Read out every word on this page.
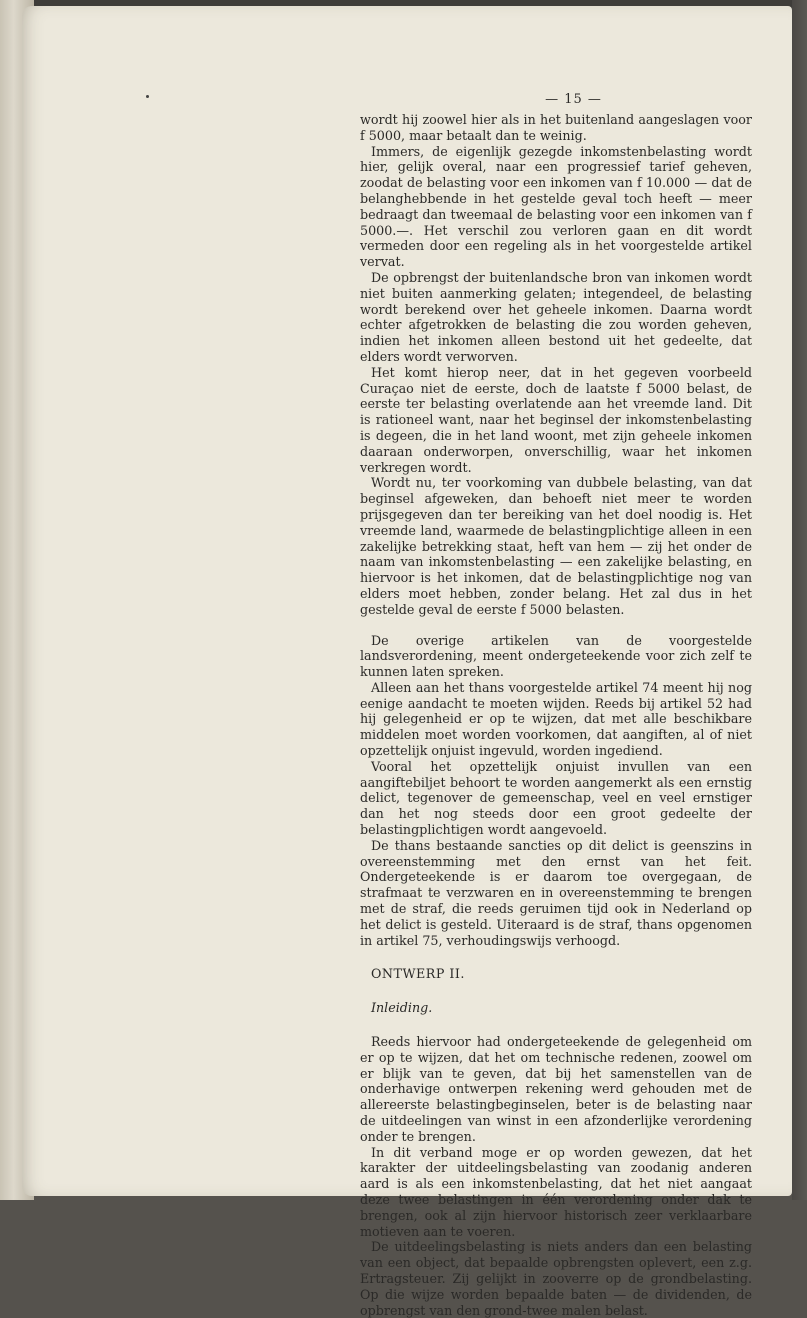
— 15 —

wordt hij zoowel hier als in het buitenland aangeslagen voor f 5000, maar betaalt dan te weinig.

Immers, de eigenlijk gezegde inkomstenbelasting wordt hier, gelijk overal, naar een progressief tarief geheven, zoodat de belasting voor een inkomen van f 10.000 — dat de belanghebbende in het gestelde geval toch heeft — meer bedraagt dan tweemaal de belasting voor een inkomen van f 5000.—. Het verschil zou verloren gaan en dit wordt vermeden door een regeling als in het voorgestelde artikel vervat.

De opbrengst der buitenlandsche bron van inkomen wordt niet buiten aanmerking gelaten; integendeel, de belasting wordt berekend over het geheele inkomen. Daarna wordt echter afgetrokken de belasting die zou worden geheven, indien het inkomen alleen bestond uit het gedeelte, dat elders wordt verworven.

Het komt hierop neer, dat in het gegeven voorbeeld Curaçao niet de eerste, doch de laatste f 5000 belast, de eerste ter belasting overlatende aan het vreemde land. Dit is rationeel want, naar het beginsel der inkomstenbelasting is degeen, die in het land woont, met zijn geheele inkomen daaraan onderworpen, onverschillig, waar het inkomen verkregen wordt.

Wordt nu, ter voorkoming van dubbele belasting, van dat beginsel afgeweken, dan behoeft niet meer te worden prijsgegeven dan ter bereiking van het doel noodig is. Het vreemde land, waarmede de belastingplichtige alleen in een zakelijke betrekking staat, heft van hem — zij het onder de naam van inkomstenbelasting — een zakelijke belasting, en hiervoor is het inkomen, dat de belastingplichtige nog van elders moet hebben, zonder belang. Het zal dus in het gestelde geval de eerste f 5000 belasten.

De overige artikelen van de voorgestelde landsverordening, meent ondergeteekende voor zich zelf te kunnen laten spreken.

Alleen aan het thans voorgestelde artikel 74 meent hij nog eenige aandacht te moeten wijden. Reeds bij artikel 52 had hij gelegenheid er op te wijzen, dat met alle beschikbare middelen moet worden voorkomen, dat aangiften, al of niet opzettelijk onjuist ingevuld, worden ingediend.

Vooral het opzettelijk onjuist invullen van een aangiftebiljet behoort te worden aangemerkt als een ernstig delict, tegenover de gemeenschap, veel en veel ernstiger dan het nog steeds door een groot gedeelte der belastingplichtigen wordt aangevoeld.

De thans bestaande sancties op dit delict is geenszins in overeenstemming met den ernst van het feit. Ondergeteekende is er daarom toe overgegaan, de strafmaat te verzwaren en in overeenstemming te brengen met de straf, die reeds geruimen tijd ook in Nederland op het delict is gesteld. Uiteraard is de straf, thans opgenomen in artikel 75, verhoudingswijs verhoogd.

ONTWERP II.

Inleiding.

Reeds hiervoor had ondergeteekende de gelegenheid om er op te wijzen, dat het om technische redenen, zoowel om er blijk van te geven, dat bij het samenstellen van de onderhavige ontwerpen rekening werd gehouden met de allereerste belastingbeginselen, beter is de belasting naar de uitdeelingen van winst in een afzonderlijke verordening onder te brengen.

In dit verband moge er op worden gewezen, dat het karakter der uitdeelingsbelasting van zoodanig anderen aard is als een inkomstenbelasting, dat het niet aangaat deze twee belastingen in één verordening onder dak te brengen, ook al zijn hiervoor historisch zeer verklaarbare motieven aan te voeren.

De uitdeelingsbelasting is niets anders dan een belasting van een object, dat bepaalde opbrengsten oplevert, een z.g. Ertragsteuer. Zij gelijkt in zooverre op de grondbelasting. Op die wijze worden bepaalde baten — de dividenden, de opbrengst van den grond-twee malen belast.
